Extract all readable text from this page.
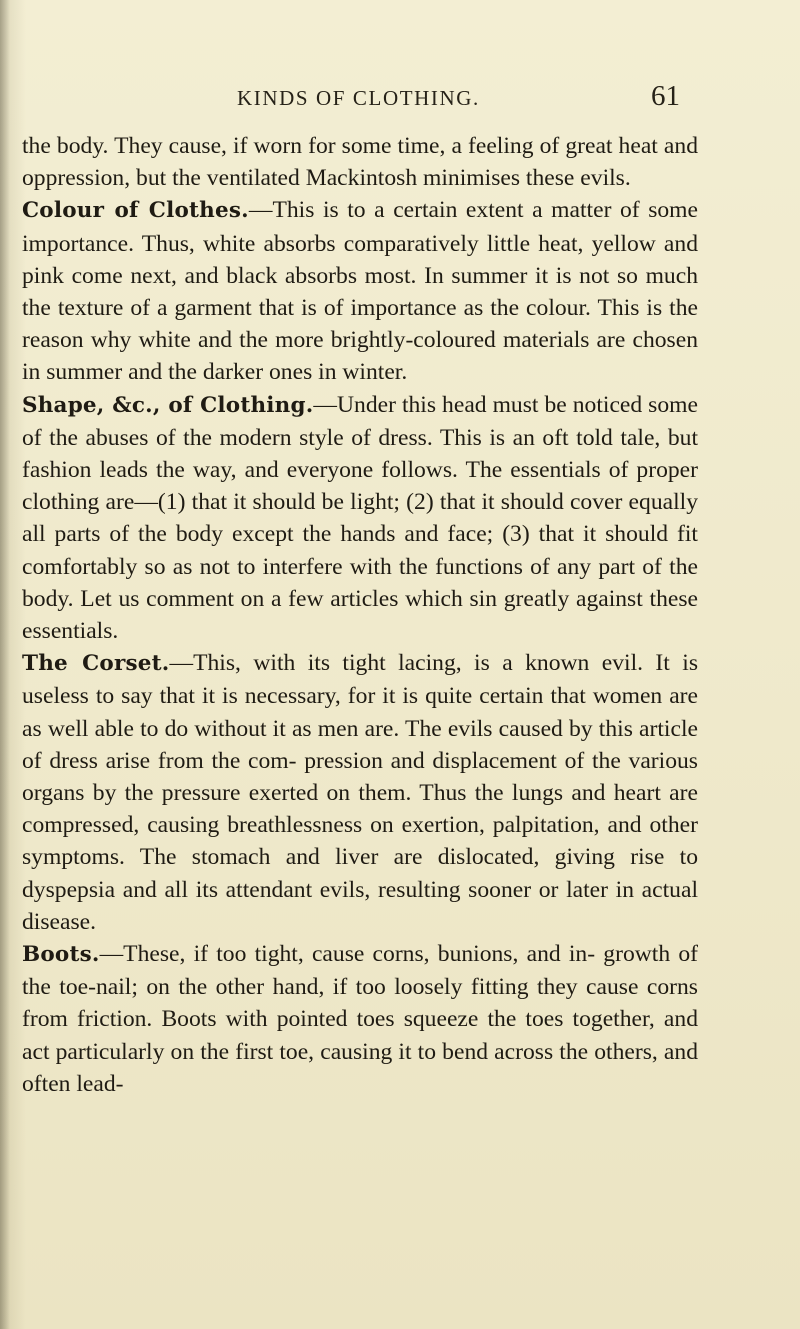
KINDS OF CLOTHING.	61

the body. They cause, if worn for some time, a feeling of great heat and oppression, but the ventilated Mackintosh minimises these evils.

Colour of Clothes.—This is to a certain extent a matter of some importance. Thus, white absorbs comparatively little heat, yellow and pink come next, and black absorbs most. In summer it is not so much the texture of a garment that is of importance as the colour. This is the reason why white and the more brightly-coloured materials are chosen in summer and the darker ones in winter.

Shape, &c., of Clothing.—Under this head must be noticed some of the abuses of the modern style of dress. This is an oft told tale, but fashion leads the way, and everyone follows. The essentials of proper clothing are—(1) that it should be light; (2) that it should cover equally all parts of the body except the hands and face; (3) that it should fit comfortably so as not to interfere with the functions of any part of the body. Let us comment on a few articles which sin greatly against these essentials.

The Corset.—This, with its tight lacing, is a known evil. It is useless to say that it is necessary, for it is quite certain that women are as well able to do without it as men are. The evils caused by this article of dress arise from the com- pression and displacement of the various organs by the pressure exerted on them. Thus the lungs and heart are compressed, causing breathlessness on exertion, palpitation, and other symptoms. The stomach and liver are dislocated, giving rise to dyspepsia and all its attendant evils, resulting sooner or later in actual disease.

Boots.—These, if too tight, cause corns, bunions, and in- growth of the toe-nail; on the other hand, if too loosely fitting they cause corns from friction. Boots with pointed toes squeeze the toes together, and act particularly on the first toe, causing it to bend across the others, and often lead-
